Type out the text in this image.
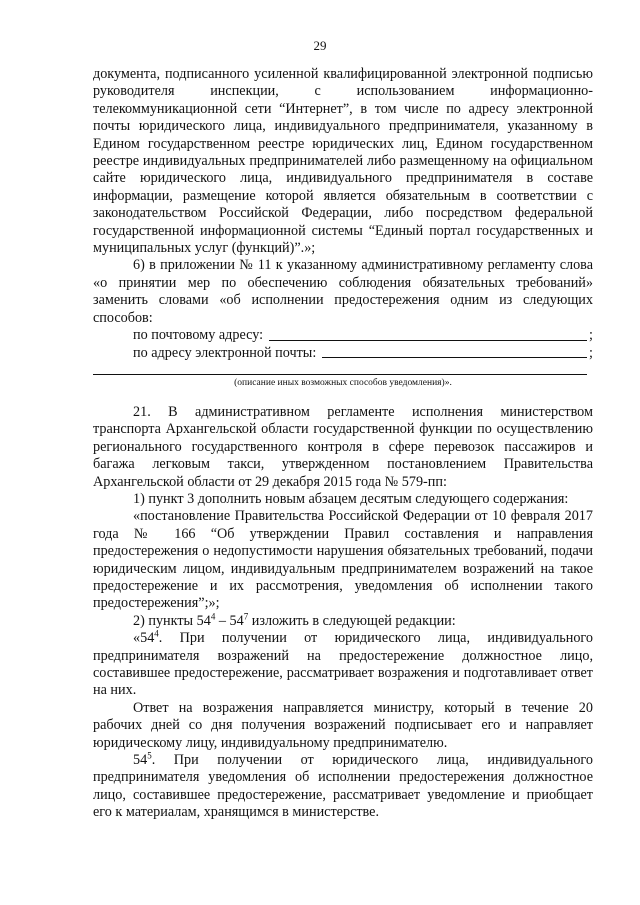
29

документа, подписанного усиленной квалифицированной электронной подписью руководителя инспекции, с использованием информационно-телекоммуникационной сети “Интернет”, в том числе по адресу электронной почты юридического лица, индивидуального предпринимателя, указанному в Едином государственном реестре юридических лиц, Едином государственном реестре индивидуальных предпринимателей либо размещенному на официальном сайте юридического лица, индивидуального предпринимателя в составе информации, размещение которой является обязательным в соответствии с законодательством Российской Федерации, либо посредством федеральной государственной информационной системы “Единый портал государственных и муниципальных услуг (функций)”.»;

6) в приложении № 11 к указанному административному регламенту слова «о принятии мер по обеспечению соблюдения обязательных требований» заменить словами «об исполнении предостережения одним из следующих способов:

по почтовому адресу:	;
по адресу электронной почты:	;
(описание иных возможных способов уведомления)».

21. В административном регламенте исполнения министерством транспорта Архангельской области государственной функции по осуществлению регионального государственного контроля в сфере перевозок пассажиров и багажа легковым такси, утвержденном постановлением Правительства Архангельской области от 29 декабря 2015 года № 579-пп:

1) пункт 3 дополнить новым абзацем десятым следующего содержания:

«постановление Правительства Российской Федерации от 10 февраля 2017 года № 166 “Об утверждении Правил составления и направления предостережения о недопустимости нарушения обязательных требований, подачи юридическим лицом, индивидуальным предпринимателем возражений на такое предостережение и их рассмотрения, уведомления об исполнении такого предостережения”;»;

2) пункты $54^4 - 54^7$ изложить в следующей редакции:

«$54^4$. При получении от юридического лица, индивидуального предпринимателя возражений на предостережение должностное лицо, составившее предостережение, рассматривает возражения и подготавливает ответ на них.

Ответ на возражения направляется министру, который в течение 20 рабочих дней со дня получения возражений подписывает его и направляет юридическому лицу, индивидуальному предпринимателю.

$54^5$. При получении от юридического лица, индивидуального предпринимателя уведомления об исполнении предостережения должностное лицо, составившее предостережение, рассматривает уведомление и приобщает его к материалам, хранящимся в министерстве.
